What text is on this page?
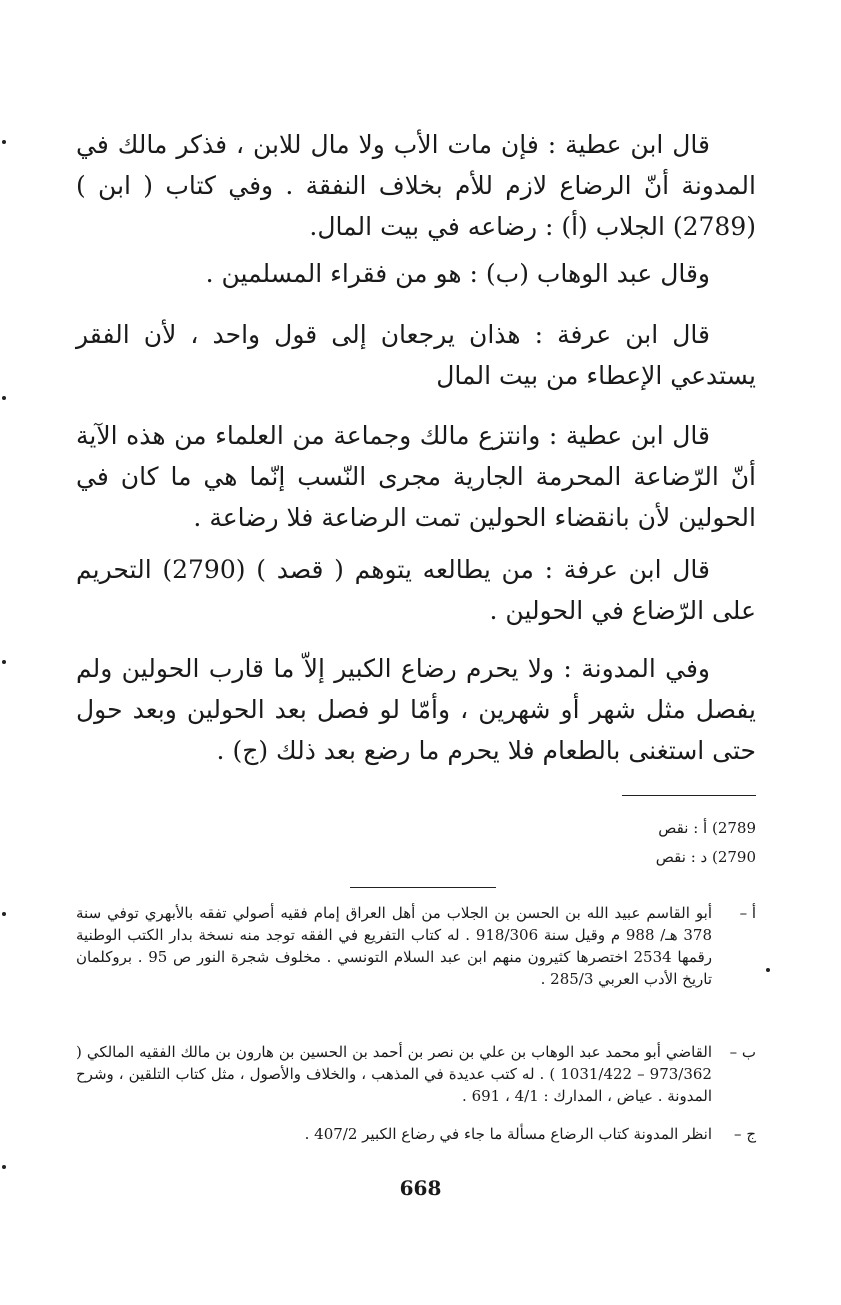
قال ابن عطية : فإن مات الأب ولا مال للابن ، فذكر مالك في المدونة أنّ الرضاع لازم للأم بخلاف النفقة . وفي كتاب ( ابن ) (2789) الجلاب (أ) : رضاعه في بيت المال.

وقال عبد الوهاب (ب) : هو من فقراء المسلمين .

قال ابن عرفة : هذان يرجعان إلى قول واحد ، لأن الفقر يستدعي الإعطاء من بيت المال

قال ابن عطية : وانتزع مالك وجماعة من العلماء من هذه الآية أنّ الرّضاعة المحرمة الجارية مجرى النّسب إنّما هي ما كان في الحولين لأن بانقضاء الحولين تمت الرضاعة فلا رضاعة .

قال ابن عرفة : من يطالعه يتوهم ( قصد ) (2790) التحريم على الرّضاع في الحولين .

وفي المدونة : ولا يحرم رضاع الكبير إلاّ ما قارب الحولين ولم يفصل مثل شهر أو شهرين ، وأمّا لو فصل بعد الحولين وبعد حول حتى استغنى بالطعام فلا يحرم ما رضع بعد ذلك (ج) .

2789) أ : نقص

2790) د : نقص

أ –
أبو القاسم عبيد الله بن الحسن بن الجلاب من أهل العراق إمام فقيه أصولي تفقه بالأبهري توفي سنة 378 هـ/ 988 م وقيل سنة 918/306 . له كتاب التفريع في الفقه توجد منه نسخة بدار الكتب الوطنية رقمها 2534 اختصرها كثيرون منهم ابن عبد السلام التونسي . مخلوف شجرة النور ص 95 . بروكلمان تاريخ الأدب العربي 285/3 .
ب –
القاضي أبو محمد عبد الوهاب بن علي بن نصر بن أحمد بن الحسين بن هارون بن مالك الفقيه المالكي ( 973/362 – 1031/422 ) . له كتب عديدة في المذهب ، والخلاف والأصول ، مثل كتاب التلقين ، وشرح المدونة . عياض ، المدارك : 4/1 ، 691 .
ج –
انظر المدونة كتاب الرضاع مسألة ما جاء في رضاع الكبير 407/2 .
668
